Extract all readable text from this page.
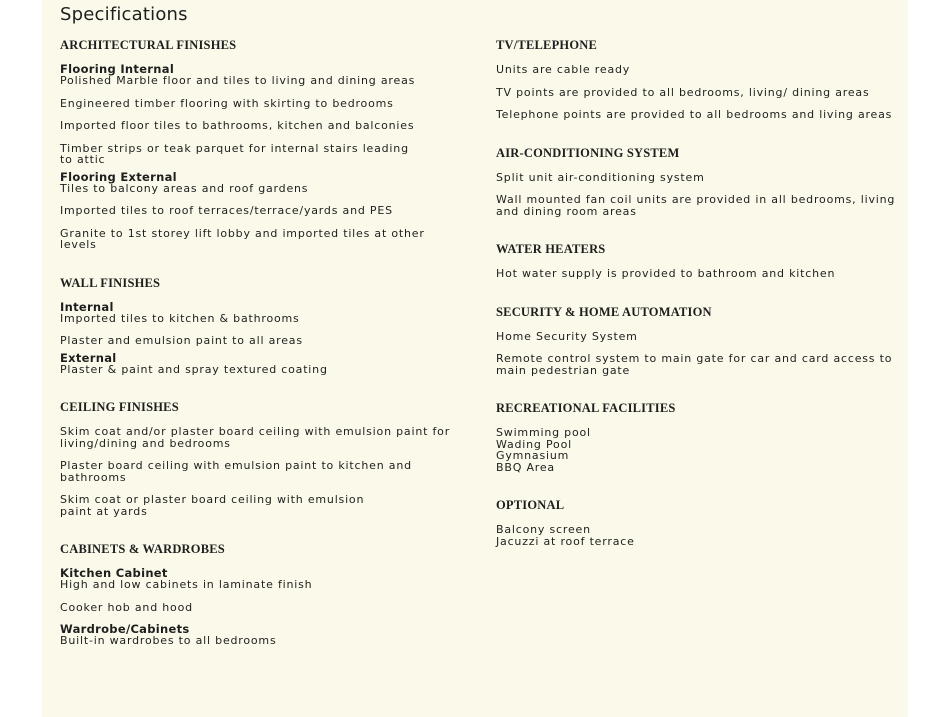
Specifications
ARCHITECTURAL FINISHES
Flooring Internal
Polished Marble floor and tiles to living and dining areas
Engineered timber flooring with skirting to bedrooms
Imported floor tiles to bathrooms, kitchen and balconies
Timber strips or teak parquet for internal stairs leading to attic
Flooring External
Tiles to balcony areas and roof gardens
Imported tiles to roof terraces/terrace/yards and PES
Granite to 1st storey lift lobby and imported tiles at other levels
WALL FINISHES
Internal
Imported tiles to kitchen & bathrooms
Plaster and emulsion paint to all areas
External
Plaster & paint and spray textured coating
CEILING FINISHES
Skim coat and/or plaster board ceiling with emulsion paint for living/dining and bedrooms
Plaster board ceiling with emulsion paint to kitchen and bathrooms
Skim coat or plaster board ceiling with emulsion paint at yards
CABINETS & WARDROBES
Kitchen Cabinet
High and low cabinets in laminate finish
Cooker hob and hood
Wardrobe/Cabinets
Built-in wardrobes to all bedrooms
TV/TELEPHONE
Units are cable ready
TV points are provided to all bedrooms, living/ dining areas
Telephone points are provided to all bedrooms and living areas
AIR-CONDITIONING SYSTEM
Split unit air-conditioning system
Wall mounted fan coil units are provided in all bedrooms, living and dining room areas
WATER HEATERS
Hot water supply is provided to bathroom and kitchen
SECURITY & HOME AUTOMATION
Home Security System
Remote control system to main gate for car and card access to main pedestrian gate
RECREATIONAL FACILITIES
Swimming pool
Wading Pool
Gymnasium
BBQ Area
OPTIONAL
Balcony screen
Jacuzzi at roof terrace
